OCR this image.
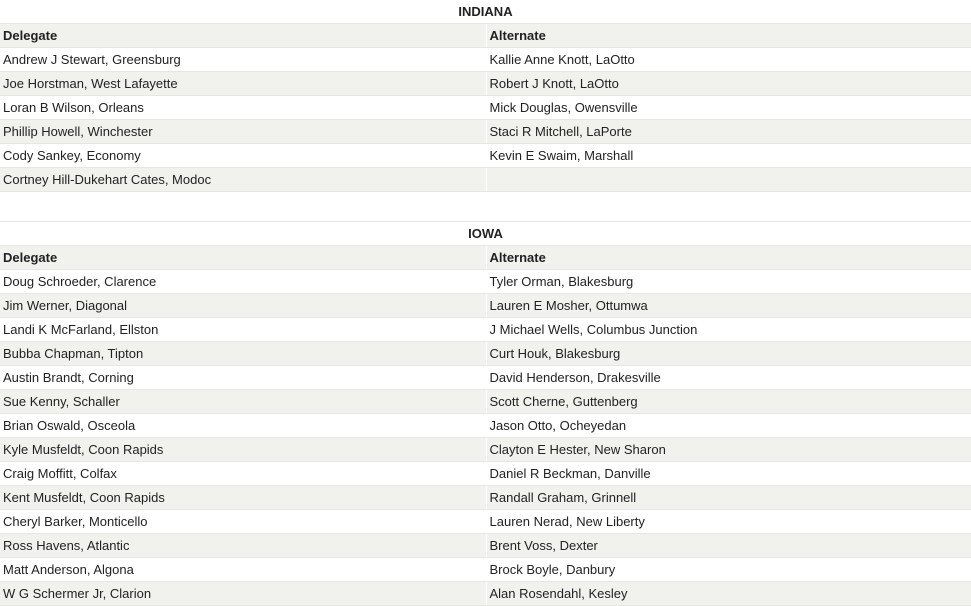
INDIANA	
Delegate	Alternate
Andrew J Stewart, Greensburg	Kallie Anne Knott, LaOtto
Joe Horstman, West Lafayette	Robert J Knott, LaOtto
Loran B Wilson, Orleans	Mick Douglas, Owensville
Phillip Howell, Winchester	Staci R Mitchell, LaPorte
Cody Sankey, Economy	Kevin E Swaim, Marshall
Cortney Hill-Dukehart Cates, Modoc	
IOWA	
Delegate	Alternate
Doug Schroeder, Clarence	Tyler Orman, Blakesburg
Jim Werner, Diagonal	Lauren E Mosher, Ottumwa
Landi K McFarland, Ellston	J Michael Wells, Columbus Junction
Bubba Chapman, Tipton	Curt Houk, Blakesburg
Austin Brandt, Corning	David Henderson, Drakesville
Sue Kenny, Schaller	Scott Cherne, Guttenberg
Brian Oswald, Osceola	Jason Otto, Ocheyedan
Kyle Musfeldt, Coon Rapids	Clayton E Hester, New Sharon
Craig Moffitt, Colfax	Daniel R Beckman, Danville
Kent Musfeldt, Coon Rapids	Randall Graham, Grinnell
Cheryl Barker, Monticello	Lauren Nerad, New Liberty
Ross Havens, Atlantic	Brent Voss, Dexter
Matt Anderson, Algona	Brock Boyle, Danbury
W G Schermer Jr, Clarion	Alan Rosendahl, Kesley
